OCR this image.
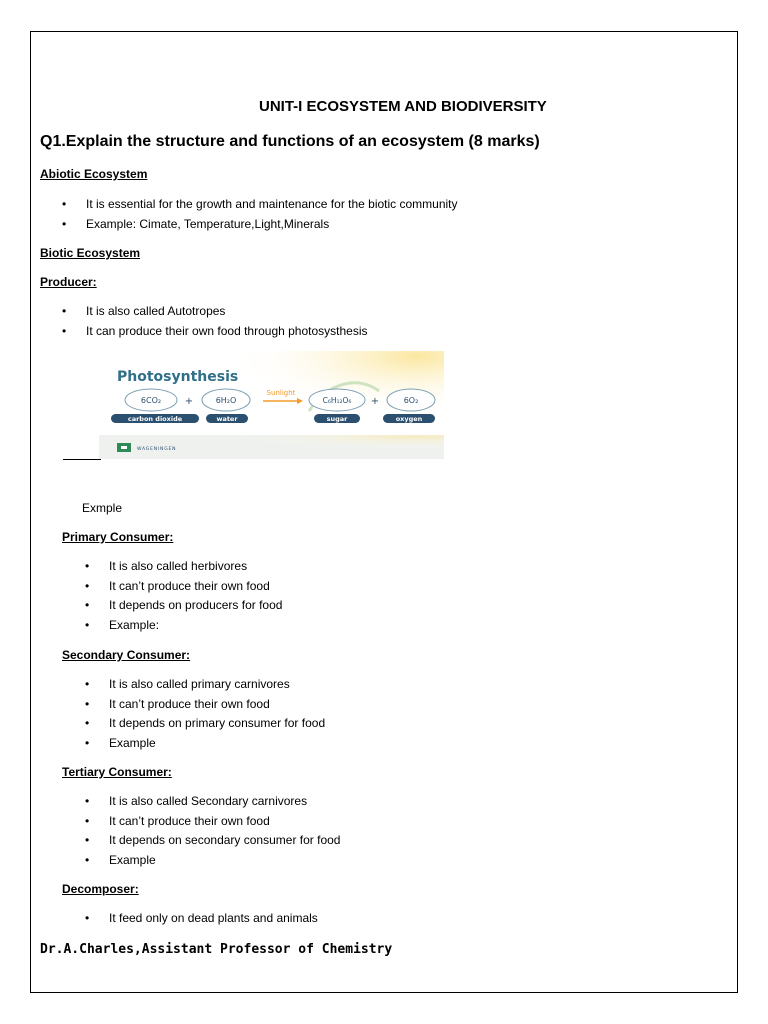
UNIT-I ECOSYSTEM AND BIODIVERSITY
Q1.Explain the structure and functions of an ecosystem (8 marks)
Abiotic Ecosystem
• It is essential for the growth and maintenance for the biotic community
• Example: Cimate, Temperature,Light,Minerals
Biotic Ecosystem
Producer:
• It is also called Autotropes
• It can produce their own food through photosysthesis
Photosynthesis
6CO₂ +	6H₂O
Sunlight
C₆H₁₂O₆ +	6O₂
carbon dioxide	water	sugar	oxygen
WAGENINGEN
Exmple
Primary Consumer:
• It is also called herbivores
• It can’t produce their own food
• It depends on producers for food
• Example:
Secondary Consumer:
• It is also called primary carnivores
• It can’t produce their own food
• It depends on primary consumer for food
• Example
Tertiary Consumer:
• It is also called Secondary carnivores
• It can’t produce their own food
• It depends on secondary consumer for food
• Example
Decomposer:
• It feed only on dead plants and animals
Dr.A.Charles,Assistant Professor of Chemistry
